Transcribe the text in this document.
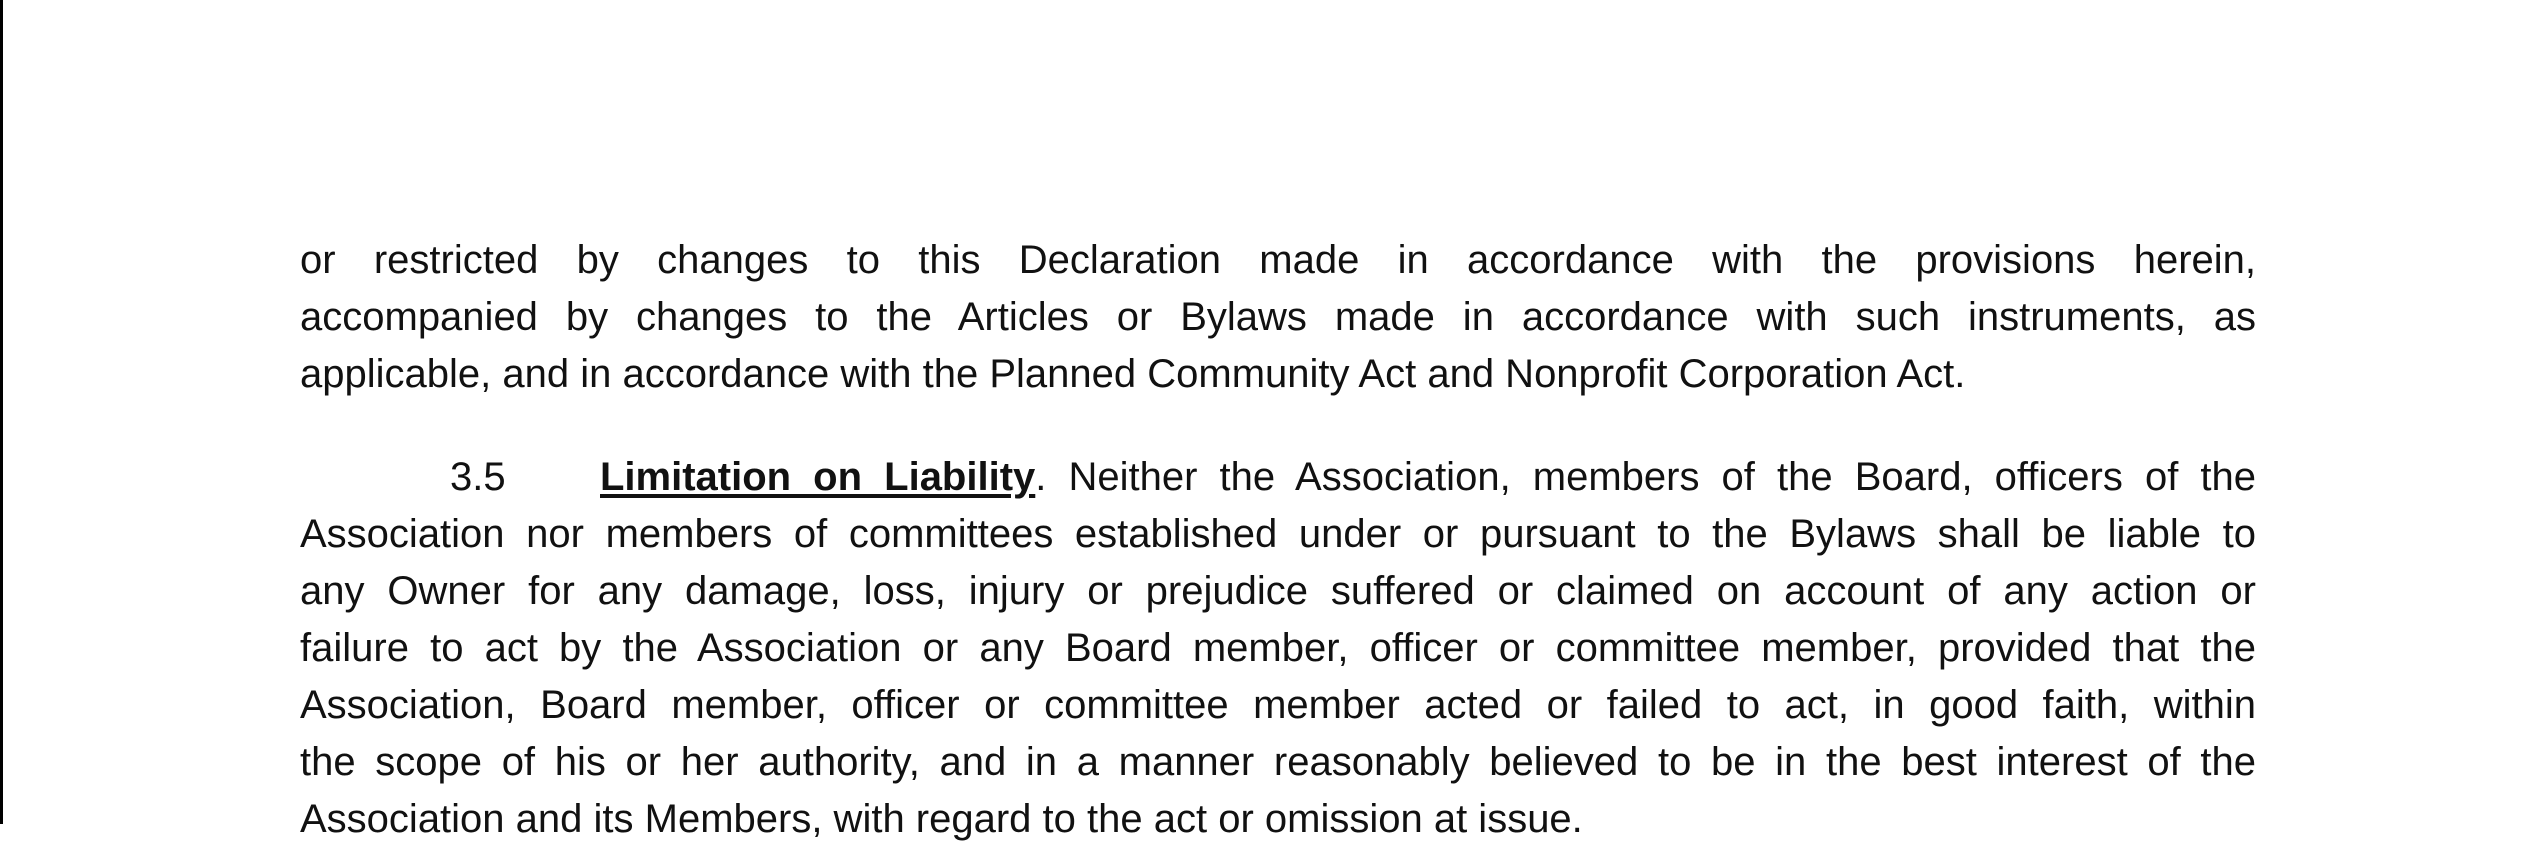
or restricted by changes to this Declaration made in accordance with the provisions herein,
accompanied by changes to the Articles or Bylaws made in accordance with such instruments, as
applicable, and in accordance with the Planned Community Act and Nonprofit Corporation Act.

3.5 Limitation on Liability. Neither the Association, members of the Board, officers of the
Association nor members of committees established under or pursuant to the Bylaws shall be liable to
any Owner for any damage, loss, injury or prejudice suffered or claimed on account of any action or
failure to act by the Association or any Board member, officer or committee member, provided that the
Association, Board member, officer or committee member acted or failed to act, in good faith, within
the scope of his or her authority, and in a manner reasonably believed to be in the best interest of the
Association and its Members, with regard to the act or omission at issue.
